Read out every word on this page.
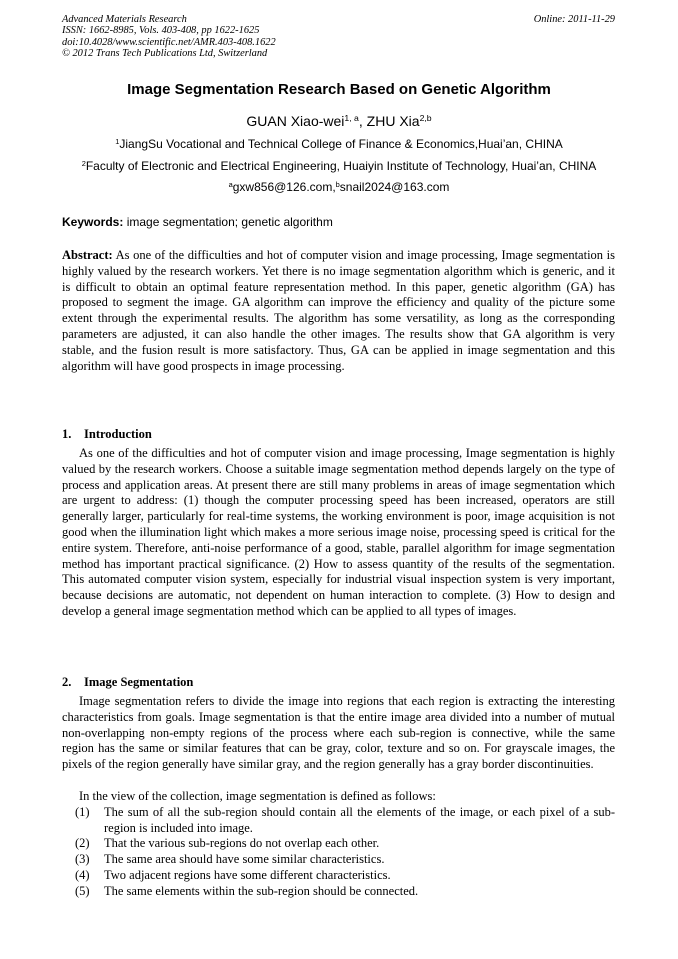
Advanced Materials Research
ISSN: 1662-8985, Vols. 403-408, pp 1622-1625
doi:10.4028/www.scientific.net/AMR.403-408.1622
© 2012 Trans Tech Publications Ltd, Switzerland
Online: 2011-11-29
Image Segmentation Research Based on Genetic Algorithm
GUAN Xiao-wei$^{1, a}$, ZHU Xia$^{2,b}$
$^1$JiangSu Vocational and Technical College of Finance & Economics,Huai’an, CHINA
$^2$Faculty of Electronic and Electrical Engineering, Huaiyin Institute of Technology, Huai’an, CHINA
$^a$gxw856@126.com,$^b$snail2024@163.com
Keywords: image segmentation; genetic algorithm
Abstract: As one of the difficulties and hot of computer vision and image processing, Image segmentation is highly valued by the research workers. Yet there is no image segmentation algorithm which is generic, and it is difficult to obtain an optimal feature representation method. In this paper, genetic algorithm (GA) has proposed to segment the image. GA algorithm can improve the efficiency and quality of the picture some extent through the experimental results. The algorithm has some versatility, as long as the corresponding parameters are adjusted, it can also handle the other images. The results show that GA algorithm is very stable, and the fusion result is more satisfactory. Thus, GA can be applied in image segmentation and this algorithm will have good prospects in image processing.
1. Introduction
As one of the difficulties and hot of computer vision and image processing, Image segmentation is highly valued by the research workers. Choose a suitable image segmentation method depends largely on the type of process and application areas. At present there are still many problems in areas of image segmentation which are urgent to address: (1) though the computer processing speed has been increased, operators are still generally larger, particularly for real-time systems, the working environment is poor, image acquisition is not good when the illumination light which makes a more serious image noise, processing speed is critical for the entire system. Therefore, anti-noise performance of a good, stable, parallel algorithm for image segmentation method has important practical significance. (2) How to assess quantity of the results of the segmentation. This automated computer vision system, especially for industrial visual inspection system is very important, because decisions are automatic, not dependent on human interaction to complete. (3) How to design and develop a general image segmentation method which can be applied to all types of images.
2. Image Segmentation
Image segmentation refers to divide the image into regions that each region is extracting the interesting characteristics from goals. Image segmentation is that the entire image area divided into a number of mutual non-overlapping non-empty regions of the process where each sub-region is connective, while the same region has the same or similar features that can be gray, color, texture and so on. For grayscale images, the pixels of the region generally have similar gray, and the region generally has a gray border discontinuities.
In the view of the collection, image segmentation is defined as follows:
(1)	The sum of all the sub-region should contain all the elements of the image, or each pixel of a sub-region is included into image.
(2)	That the various sub-regions do not overlap each other.
(3)	The same area should have some similar characteristics.
(4)	Two adjacent regions have some different characteristics.
(5)	The same elements within the sub-region should be connected.
